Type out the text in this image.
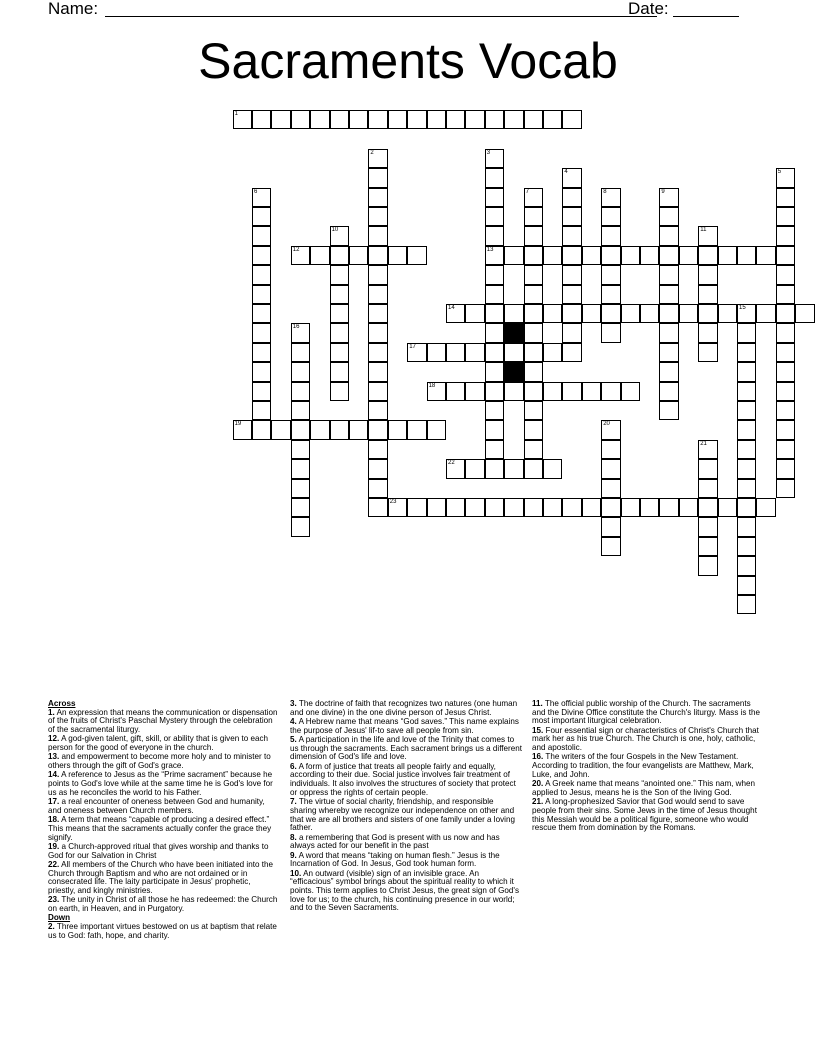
Name:	Date:
Sacraments Vocab
1
2	3
13
4	5
6	7	8	9
10	11
12
14	15
16
17
18
19	20
21
22
23
Across
1. An expression that means the communication or dispensation of the fruits of Christ's Paschal Mystery through the celebration of the sacramental liturgy.
12. A god-given talent, gift, skill, or ability that is given to each person for the good of everyone in the church.
13. and empowerment to become more holy and to minister to others through the gift of God's grace.
14. A reference to Jesus as the “Prime sacrament” because he points to God's love while at the same time he is God's love for us as he reconciles the world to his Father.
17. a real encounter of oneness between God and humanity, and oneness between Church members.
18. A term that means “capable of producing a desired effect.” This means that the sacraments actually confer the grace they signify.
19. a Church-approved ritual that gives worship and thanks to God for our Salvation in Christ
22. All members of the Church who have been initiated into the Church through Baptism and who are not ordained or in consecrated life. The laity participate in Jesus' prophetic, priestly, and kingly ministries.
23. The unity in Christ of all those he has redeemed: the Church on earth, in Heaven, and in Purgatory.
Down
2. Three important virtues bestowed on us at baptism that relate us to God: fath, hope, and charity.
3. The doctrine of faith that recognizes two natures (one human and one divine) in the one divine person of Jesus Christ.
4. A Hebrew name that means “God saves.” This name explains the purpose of Jesus' lif-to save all people from sin.
5. A participation in the life and love of the Trinity that comes to us through the sacraments. Each sacrament brings us a different dimension of God's life and love.
6. A form of justice that treats all people fairly and equally, according to their due. Social justice involves fair treatment of individuals. It also involves the structures of society that protect or oppress the rights of certain people.
7. The virtue of social charity, friendship, and responsible sharing whereby we recognize our independence on other and that we are all brothers and sisters of one family under a loving father.
8. a remembering that God is present with us now and has always acted for our benefit in the past
9. A word that means “taking on human flesh.” Jesus is the Incarnation of God. In Jesus, God took human form.
10. An outward (visible) sign of an invisible grace. An “efficacious” symbol brings about the spiritual reality to which it points. This term applies to Christ Jesus, the great sign of God's love for us; to the church, his continuing presence in our world; and to the Seven Sacraments.
11. The official public worship of the Church. The sacraments and the Divine Office constitute the Church's liturgy. Mass is the most important liturgical celebration.
15. Four essential sign or characteristics of Christ's Church that mark her as his true Church. The Church is one, holy, catholic, and apostolic.
16. The writers of the four Gospels in the New Testament. According to tradition, the four evangelists are Matthew, Mark, Luke, and John.
20. A Greek name that means “anointed one.” This nam, when applied to Jesus, means he is the Son of the living God.
21. A long-prophesized Savior that God would send to save people from their sins. Some Jews in the time of Jesus thought this Messiah would be a political figure, someone who would rescue them from domination by the Romans.
